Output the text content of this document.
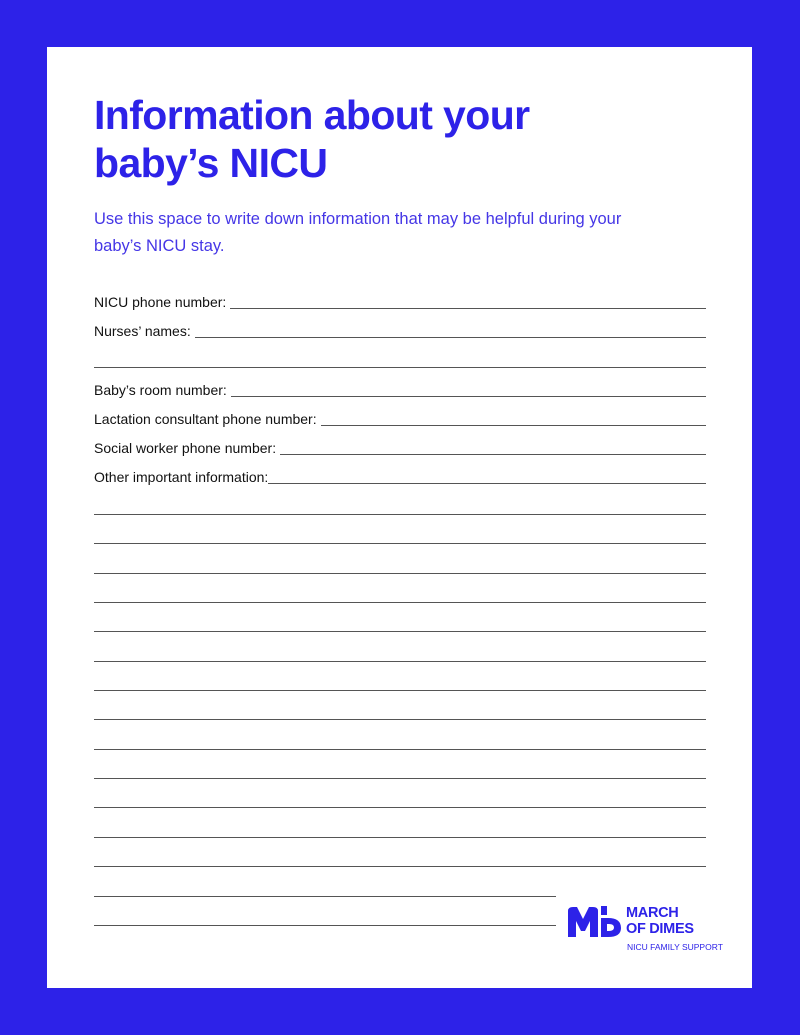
Information about your
baby’s NICU

Use this space to write down information that may be helpful during your
baby’s NICU stay.

NICU phone number:
Nurses’ names:
Baby’s room number:
Lactation consultant phone number:
Social worker phone number:
Other important information:
MARCH
OF DIMES
NICU FAMILY SUPPORT
